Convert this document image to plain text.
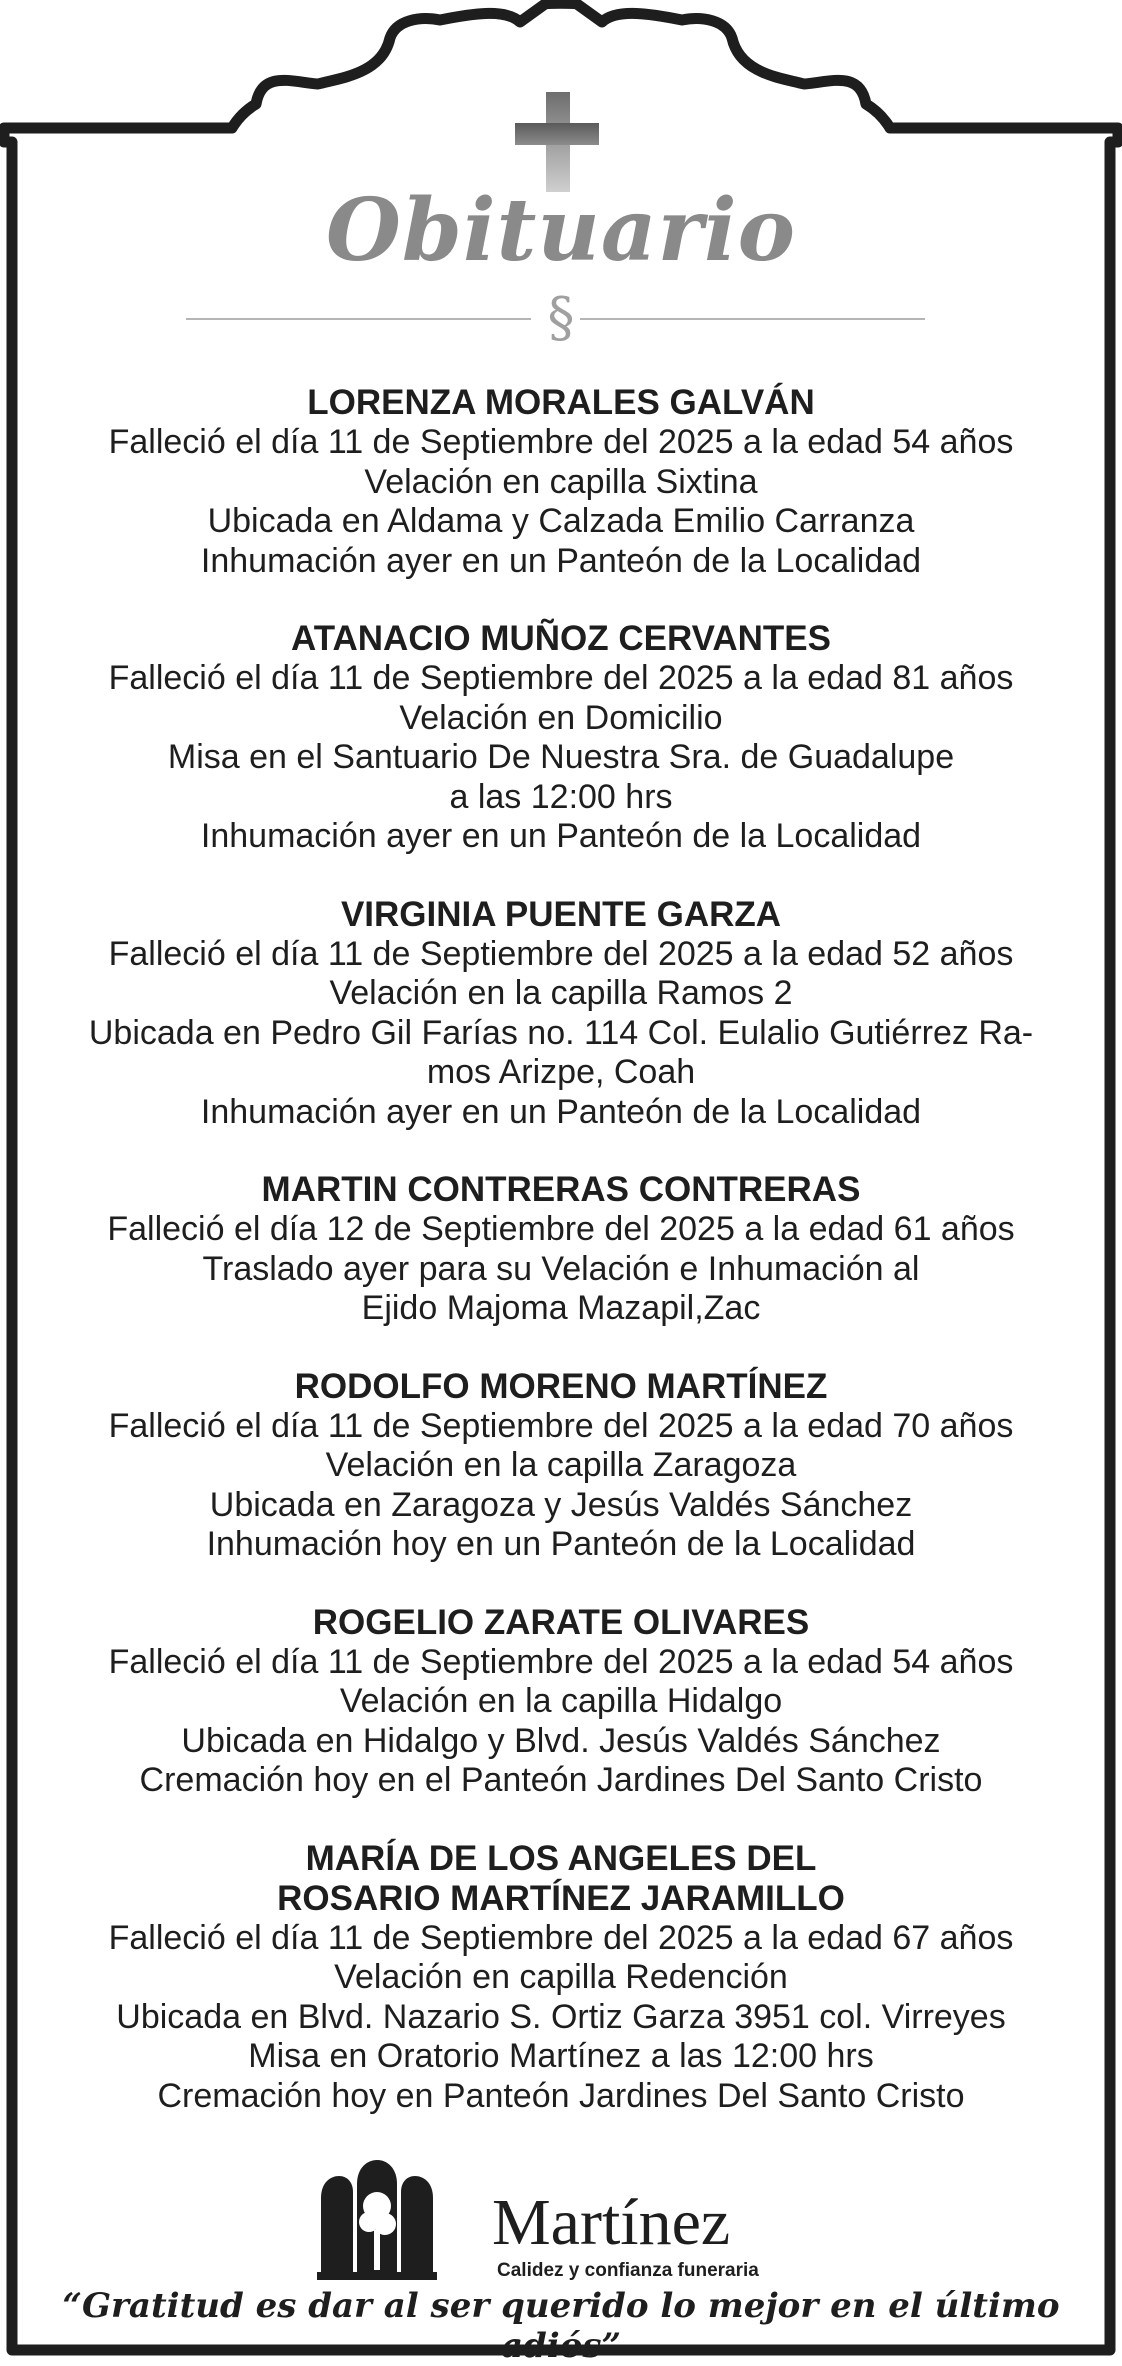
Obituario
§
LORENZA MORALES GALVÁN
Falleció el día 11 de Septiembre del 2025 a la edad 54 años
Velación en capilla Sixtina
Ubicada en Aldama y Calzada Emilio Carranza
Inhumación ayer en un Panteón de la Localidad
ATANACIO MUÑOZ CERVANTES
Falleció el día 11 de Septiembre del 2025 a la edad 81 años
Velación en Domicilio
Misa en el Santuario De Nuestra Sra. de Guadalupe
a las 12:00 hrs
Inhumación ayer en un Panteón de la Localidad
VIRGINIA PUENTE GARZA
Falleció el día 11 de Septiembre del 2025 a la edad 52 años
Velación en la capilla Ramos 2
Ubicada en Pedro Gil Farías no. 114 Col. Eulalio Gutiérrez Ra-
mos Arizpe, Coah
Inhumación ayer en un Panteón de la Localidad
MARTIN CONTRERAS CONTRERAS
Falleció el día 12 de Septiembre del 2025 a la edad 61 años
Traslado ayer para su Velación e Inhumación al
Ejido Majoma Mazapil,Zac
RODOLFO MORENO MARTÍNEZ
Falleció el día 11 de Septiembre del 2025 a la edad 70 años
Velación en la capilla Zaragoza
Ubicada en Zaragoza y Jesús Valdés Sánchez
Inhumación hoy en un Panteón de la Localidad
ROGELIO ZARATE OLIVARES
Falleció el día 11 de Septiembre del 2025 a la edad 54 años
Velación en la capilla Hidalgo
Ubicada en Hidalgo y Blvd. Jesús Valdés Sánchez
Cremación hoy en el Panteón Jardines Del Santo Cristo
MARÍA DE LOS ANGELES DEL
ROSARIO MARTÍNEZ JARAMILLO
Falleció el día 11 de Septiembre del 2025 a la edad 67 años
Velación en capilla Redención
Ubicada en Blvd. Nazario S. Ortiz Garza 3951 col. Virreyes
Misa en Oratorio Martínez a las 12:00 hrs
Cremación hoy en Panteón Jardines Del Santo Cristo
Martínez
Calidez y confianza funeraria
“Gratitud es dar al ser querido lo mejor en el último adiós”
